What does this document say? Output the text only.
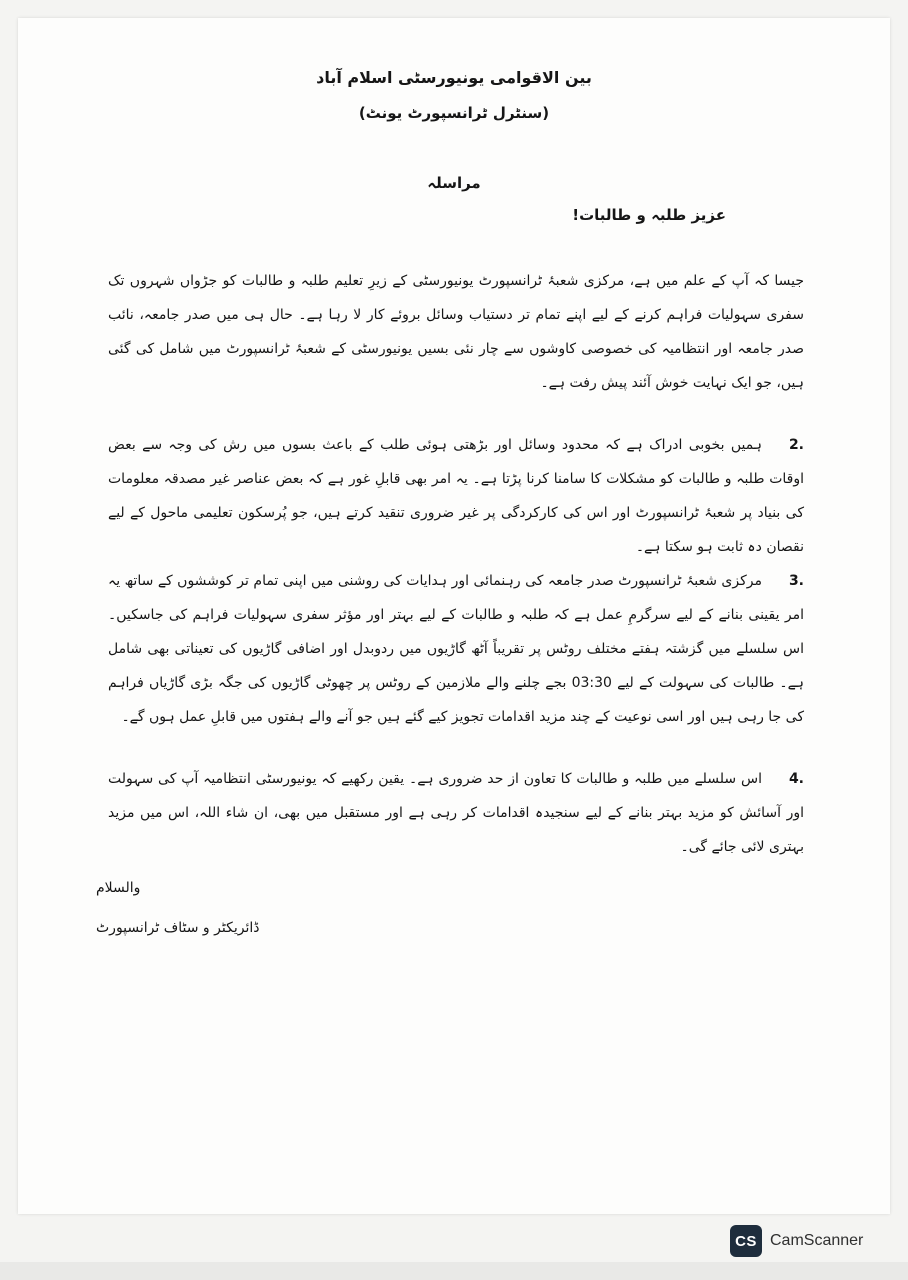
بین الاقوامی یونیورسٹی اسلام آباد
(سنٹرل ٹرانسپورٹ یونٹ)
مراسلہ
عزیز طلبہ و طالبات!
جیسا کہ آپ کے علم میں ہے، مرکزی شعبۂ ٹرانسپورٹ یونیورسٹی کے زیرِ تعلیم طلبہ و طالبات کو جڑواں شہروں تک سفری سہولیات فراہم کرنے کے لیے اپنے تمام تر دستیاب وسائل بروئے کار لا رہا ہے۔ حال ہی میں صدر جامعہ، نائب صدر جامعہ اور انتظامیہ کی خصوصی کاوشوں سے چار نئی بسیں یونیورسٹی کے شعبۂ ٹرانسپورٹ میں شامل کی گئی ہیں، جو ایک نہایت خوش آئند پیش رفت ہے۔
2.ہمیں بخوبی ادراک ہے کہ محدود وسائل اور بڑھتی ہوئی طلب کے باعث بسوں میں رش کی وجہ سے بعض اوقات طلبہ و طالبات کو مشکلات کا سامنا کرنا پڑتا ہے۔ یہ امر بھی قابلِ غور ہے کہ بعض عناصر غیر مصدقہ معلومات کی بنیاد پر شعبۂ ٹرانسپورٹ اور اس کی کارکردگی پر غیر ضروری تنقید کرتے ہیں، جو پُرسکون تعلیمی ماحول کے لیے نقصان دہ ثابت ہو سکتا ہے۔
3.مرکزی شعبۂ ٹرانسپورٹ صدر جامعہ کی رہنمائی اور ہدایات کی روشنی میں اپنی تمام تر کوششوں کے ساتھ یہ امر یقینی بنانے کے لیے سرگرمِ عمل ہے کہ طلبہ و طالبات کے لیے بہتر اور مؤثر سفری سہولیات فراہم کی جاسکیں۔ اس سلسلے میں گزشتہ ہفتے مختلف روٹس پر تقریباً آٹھ گاڑیوں میں ردوبدل اور اضافی گاڑیوں کی تعیناتی بھی شامل ہے۔ طالبات کی سہولت کے لیے 03:30 بجے چلنے والے ملازمین کے روٹس پر چھوٹی گاڑیوں کی جگہ بڑی گاڑیاں فراہم کی جا رہی ہیں اور اسی نوعیت کے چند مزید اقدامات تجویز کیے گئے ہیں جو آنے والے ہفتوں میں قابلِ عمل ہوں گے۔
4.اس سلسلے میں طلبہ و طالبات کا تعاون از حد ضروری ہے۔ یقین رکھیے کہ یونیورسٹی انتظامیہ آپ کی سہولت اور آسائش کو مزید بہتر بنانے کے لیے سنجیدہ اقدامات کر رہی ہے اور مستقبل میں بھی، ان شاء اللہ، اس میں مزید بہتری لائی جائے گی۔
والسلام
ڈائریکٹر و سٹاف ٹرانسپورٹ
CS CamScanner
